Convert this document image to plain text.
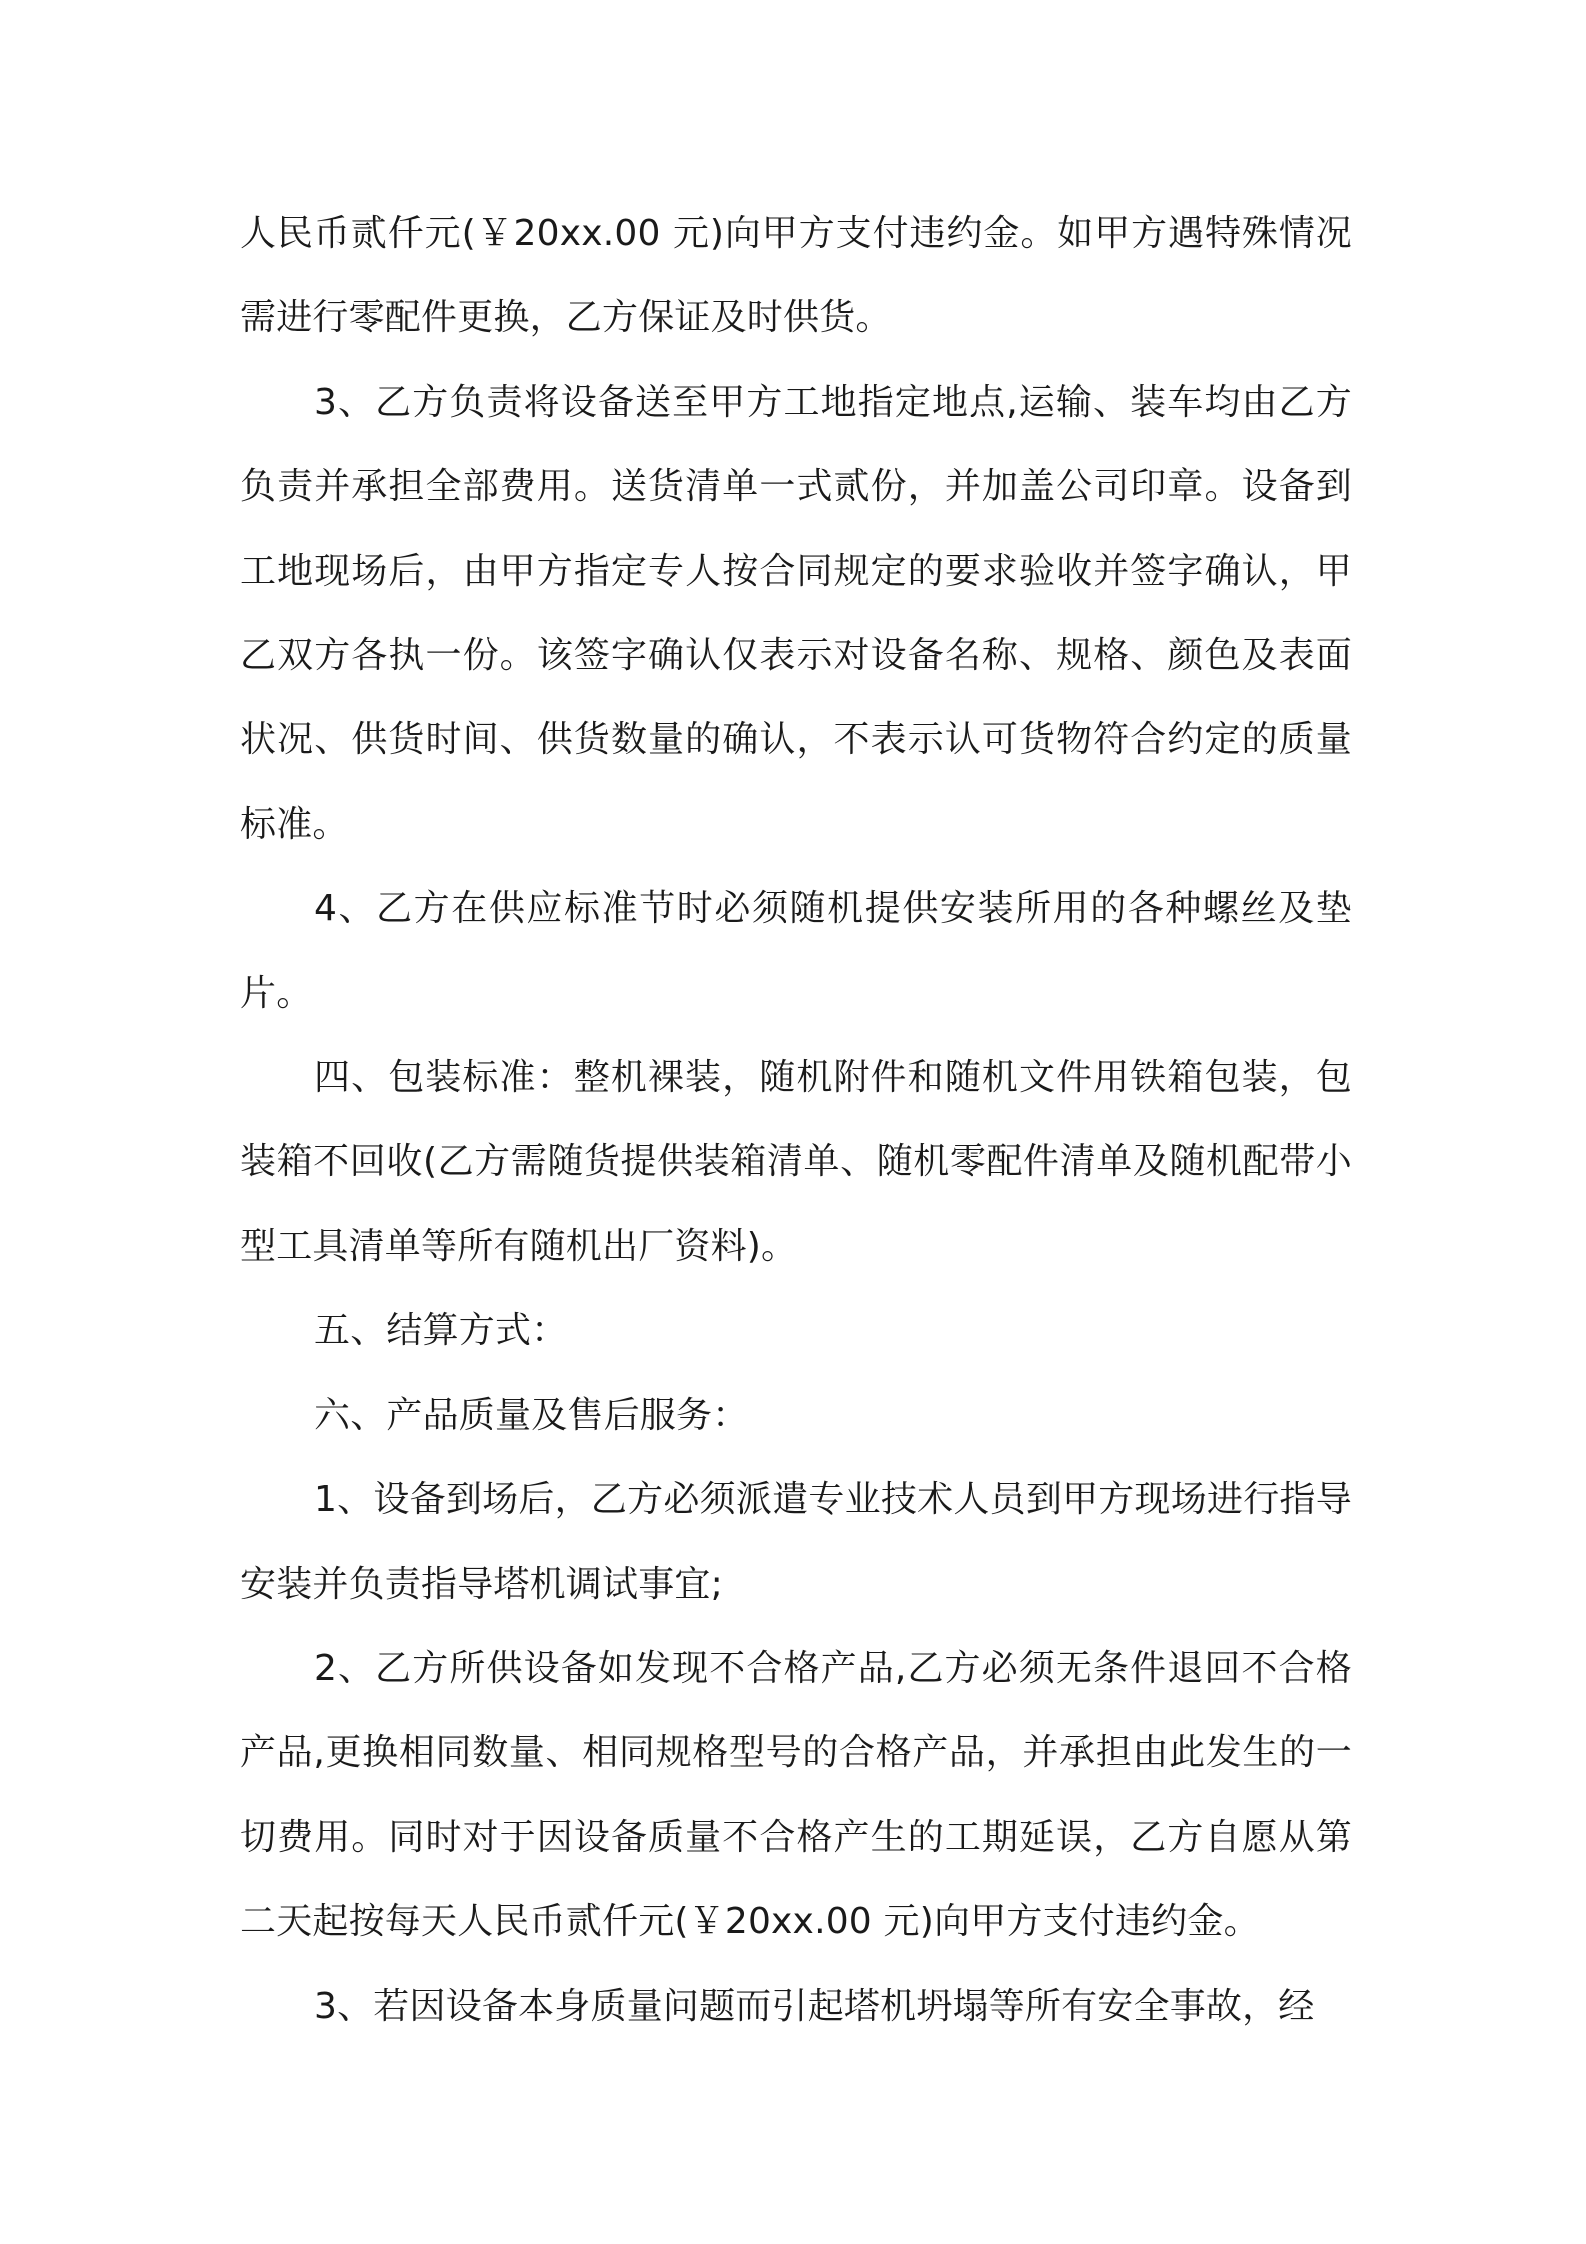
人民币贰仟元(￥20xx.00 元)向甲方支付违约金。如甲方遇特殊情况需进行零配件更换，乙方保证及时供货。

3、乙方负责将设备送至甲方工地指定地点,运输、装车均由乙方负责并承担全部费用。送货清单一式贰份，并加盖公司印章。设备到工地现场后，由甲方指定专人按合同规定的要求验收并签字确认，甲乙双方各执一份。该签字确认仅表示对设备名称、规格、颜色及表面状况、供货时间、供货数量的确认，不表示认可货物符合约定的质量标准。

4、乙方在供应标准节时必须随机提供安装所用的各种螺丝及垫片。

四、包装标准：整机裸装，随机附件和随机文件用铁箱包装，包装箱不回收(乙方需随货提供装箱清单、随机零配件清单及随机配带小型工具清单等所有随机出厂资料)。

五、结算方式：

六、产品质量及售后服务：

1、设备到场后，乙方必须派遣专业技术人员到甲方现场进行指导安装并负责指导塔机调试事宜;

2、乙方所供设备如发现不合格产品,乙方必须无条件退回不合格产品,更换相同数量、相同规格型号的合格产品，并承担由此发生的一切费用。同时对于因设备质量不合格产生的工期延误，乙方自愿从第二天起按每天人民币贰仟元(￥20xx.00 元)向甲方支付违约金。

3、若因设备本身质量问题而引起塔机坍塌等所有安全事故，经
